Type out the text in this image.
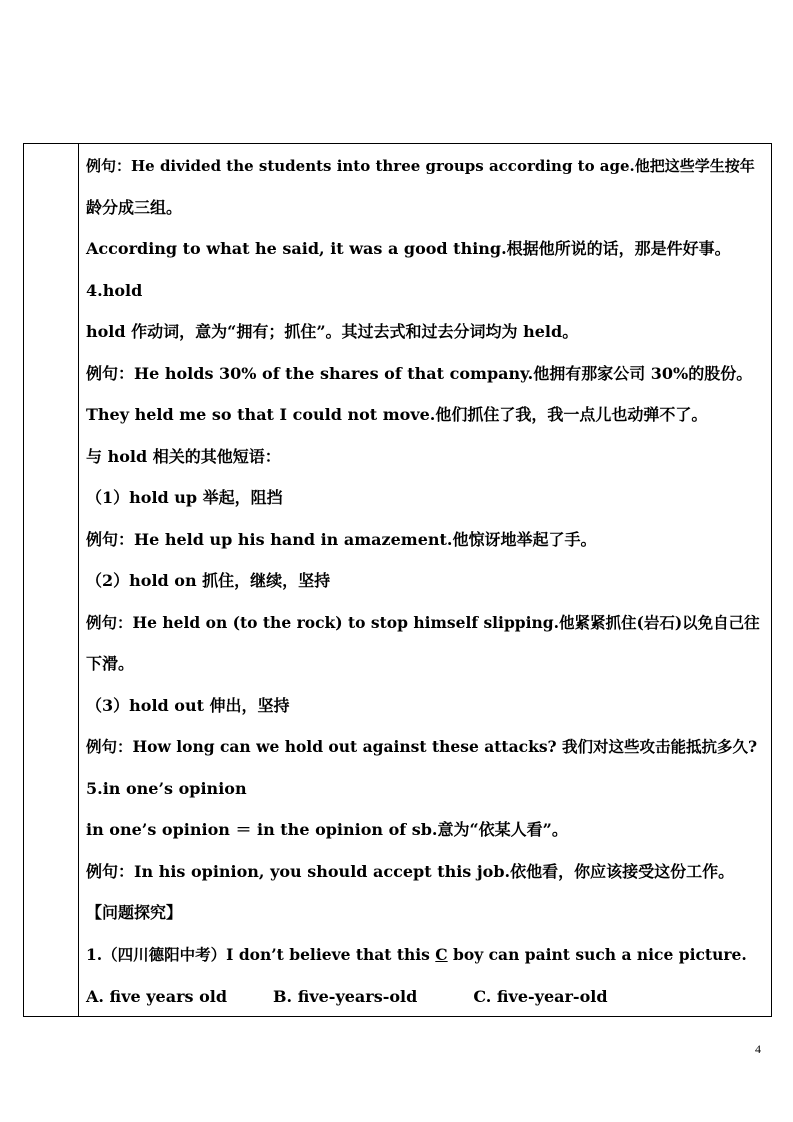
例句：He divided the students into three groups according to age.他把这些学生按年
龄分成三组。
According to what he said, it was a good thing.根据他所说的话，那是件好事。
4.hold
hold 作动词，意为“拥有；抓住”。其过去式和过去分词均为 held。
例句：He holds 30% of the shares of that company.他拥有那家公司 30%的股份。
They held me so that I could not move.他们抓住了我，我一点儿也动弹不了。
与 hold 相关的其他短语：
（1）hold up 举起，阻挡
例句：He held up his hand in amazement.他惊讶地举起了手。
（2）hold on 抓住，继续，坚持
例句：He held on (to the rock) to stop himself slipping.他紧紧抓住(岩石)以免自己往
下滑。
（3）hold out 伸出，坚持
例句：How long can we hold out against these attacks? 我们对这些攻击能抵抗多久?
5.in one’s opinion
in one’s opinion ＝ in the opinion of sb.意为“依某人看”。
例句：In his opinion, you should accept this job.依他看，你应该接受这份工作。
【问题探究】
1.（四川德阳中考）I don’t believe that this C boy can paint such a nice picture.
A. five years old	B. five-years-old	C. five-year-old
4
